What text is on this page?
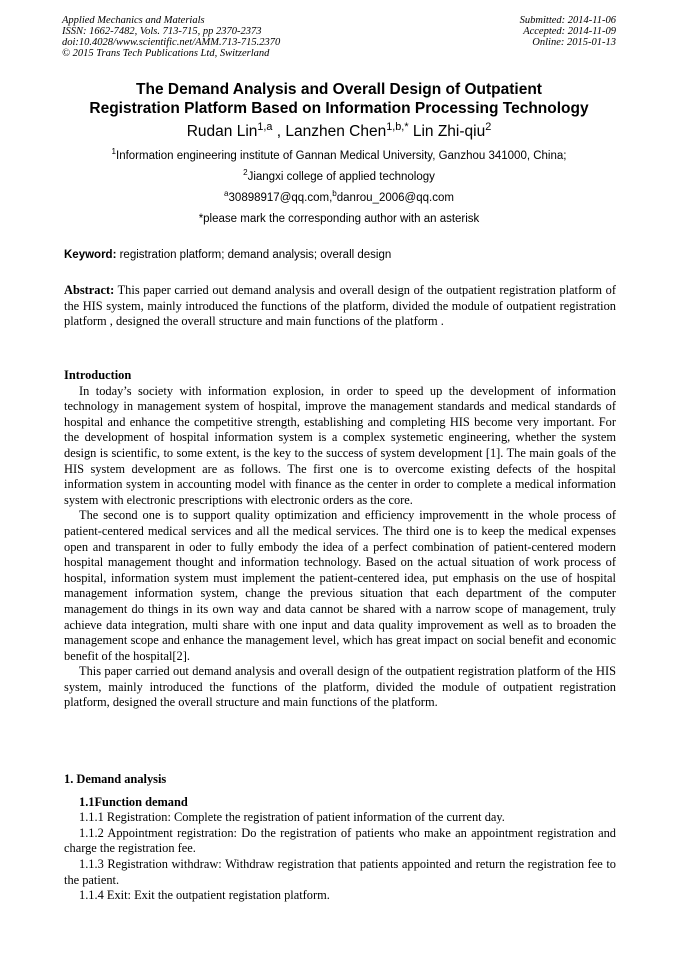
Applied Mechanics and Materials
ISSN: 1662-7482, Vols. 713-715, pp 2370-2373
doi:10.4028/www.scientific.net/AMM.713-715.2370
© 2015 Trans Tech Publications Ltd, Switzerland
Submitted: 2014-11-06
Accepted: 2014-11-09
Online: 2015-01-13
The Demand Analysis and Overall Design of Outpatient
Registration Platform Based on Information Processing Technology
Rudan Lin$^{1,a}$ , Lanzhen Chen$^{1,b,*}$ Lin Zhi-qiu$^2$
$^1$Information engineering institute of Gannan Medical University, Ganzhou 341000, China;
$^2$Jiangxi college of applied technology
$^a$30898917@qq.com,$^b$danrou_2006@qq.com
*please mark the corresponding author with an asterisk
Keyword: registration platform; demand analysis; overall design

Abstract: This paper carried out demand analysis and overall design of the outpatient registration platform of the HIS system, mainly introduced the functions of the platform, divided the module of outpatient registration platform , designed the overall structure and main functions of the platform .

Introduction

In today’s society with information explosion, in order to speed up the development of information technology in management system of hospital, improve the management standards and medical standards of hospital and enhance the competitive strength, establishing and completing HIS become very important. For the development of hospital information system is a complex systemetic engineering, whether the system design is scientific, to some extent, is the key to the success of system development [1]. The main goals of the HIS system development are as follows. The first one is to overcome existing defects of the hospital information system in accounting model with finance as the center in order to complete a medical information system with electronic prescriptions with electronic orders as the core.

The second one is to support quality optimization and efficiency improvementt in the whole process of patient-centered medical services and all the medical services. The third one is to keep the medical expenses open and transparent in oder to fully embody the idea of a perfect combination of patient-centered modern hospital management thought and information technology. Based on the actual situation of work process of hospital, information system must implement the patient-centered idea, put emphasis on the use of hospital management information system, change the previous situation that each department of the computer management do things in its own way and data cannot be shared with a narrow scope of management, truly achieve data integration, multi share with one input and data quality improvement as well as to broaden the management scope and enhance the management level, which has great impact on social benefit and economic benefit of the hospital[2].

This paper carried out demand analysis and overall design of the outpatient registration platform of the HIS system, mainly introduced the functions of the platform, divided the module of outpatient registration platform, designed the overall structure and main functions of the platform.

1. Demand analysis

1.1Function demand

1.1.1 Registration: Complete the registration of patient information of the current day.

1.1.2 Appointment registration: Do the registration of patients who make an appointment registration and charge the registration fee.

1.1.3 Registration withdraw: Withdraw registration that patients appointed and return the registration fee to the patient.

1.1.4 Exit: Exit the outpatient registation platform.
